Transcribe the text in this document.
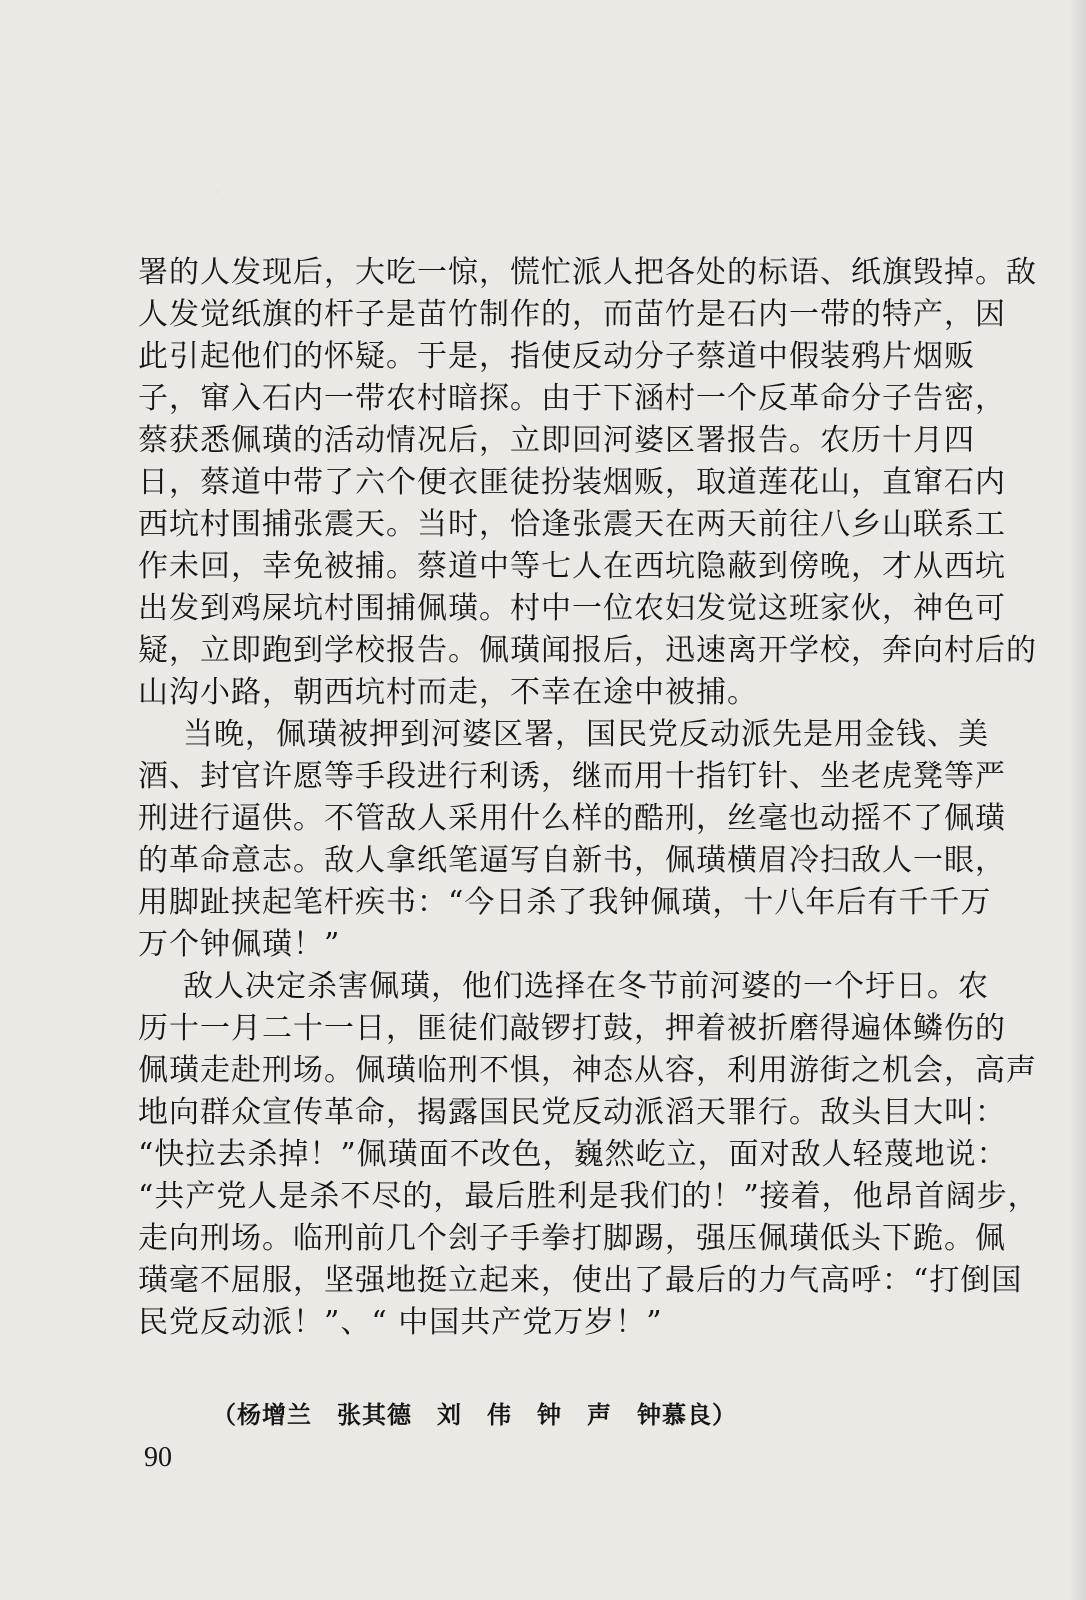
署的人发现后，大吃一惊，慌忙派人把各处的标语、纸旗毁掉。敌
人发觉纸旗的杆子是苗竹制作的，而苗竹是石内一带的特产，因
此引起他们的怀疑。于是，指使反动分子蔡道中假装鸦片烟贩
子，窜入石内一带农村暗探。由于下涵村一个反革命分子告密，
蔡获悉佩璜的活动情况后，立即回河婆区署报告。农历十月四
日，蔡道中带了六个便衣匪徒扮装烟贩，取道莲花山，直窜石内
西坑村围捕张震天。当时，恰逢张震天在两天前往八乡山联系工
作未回，幸免被捕。蔡道中等七人在西坑隐蔽到傍晚，才从西坑
出发到鸡屎坑村围捕佩璜。村中一位农妇发觉这班家伙，神色可
疑，立即跑到学校报告。佩璜闻报后，迅速离开学校，奔向村后的
山沟小路，朝西坑村而走，不幸在途中被捕。
当晚，佩璜被押到河婆区署，国民党反动派先是用金钱、美
酒、封官许愿等手段进行利诱，继而用十指钉针、坐老虎凳等严
刑进行逼供。不管敌人采用什么样的酷刑，丝毫也动摇不了佩璜
的革命意志。敌人拿纸笔逼写自新书，佩璜横眉冷扫敌人一眼，
用脚趾挟起笔杆疾书：“今日杀了我钟佩璜，十八年后有千千万
万个钟佩璜！”
敌人决定杀害佩璜，他们选择在冬节前河婆的一个圩日。农
历十一月二十一日，匪徒们敲锣打鼓，押着被折磨得遍体鳞伤的
佩璜走赴刑场。佩璜临刑不惧，神态从容，利用游街之机会，高声
地向群众宣传革命，揭露国民党反动派滔天罪行。敌头目大叫：
“快拉去杀掉！”佩璜面不改色，巍然屹立，面对敌人轻蔑地说：
“共产党人是杀不尽的，最后胜利是我们的！”接着，他昂首阔步，
走向刑场。临刑前几个刽子手拳打脚踢，强压佩璜低头下跪。佩
璜毫不屈服，坚强地挺立起来，使出了最后的力气高呼：“打倒国
民党反动派！”、“ 中国共产党万岁！”
（杨增兰　张其德　刘　伟　钟　声　钟慕良）
90
